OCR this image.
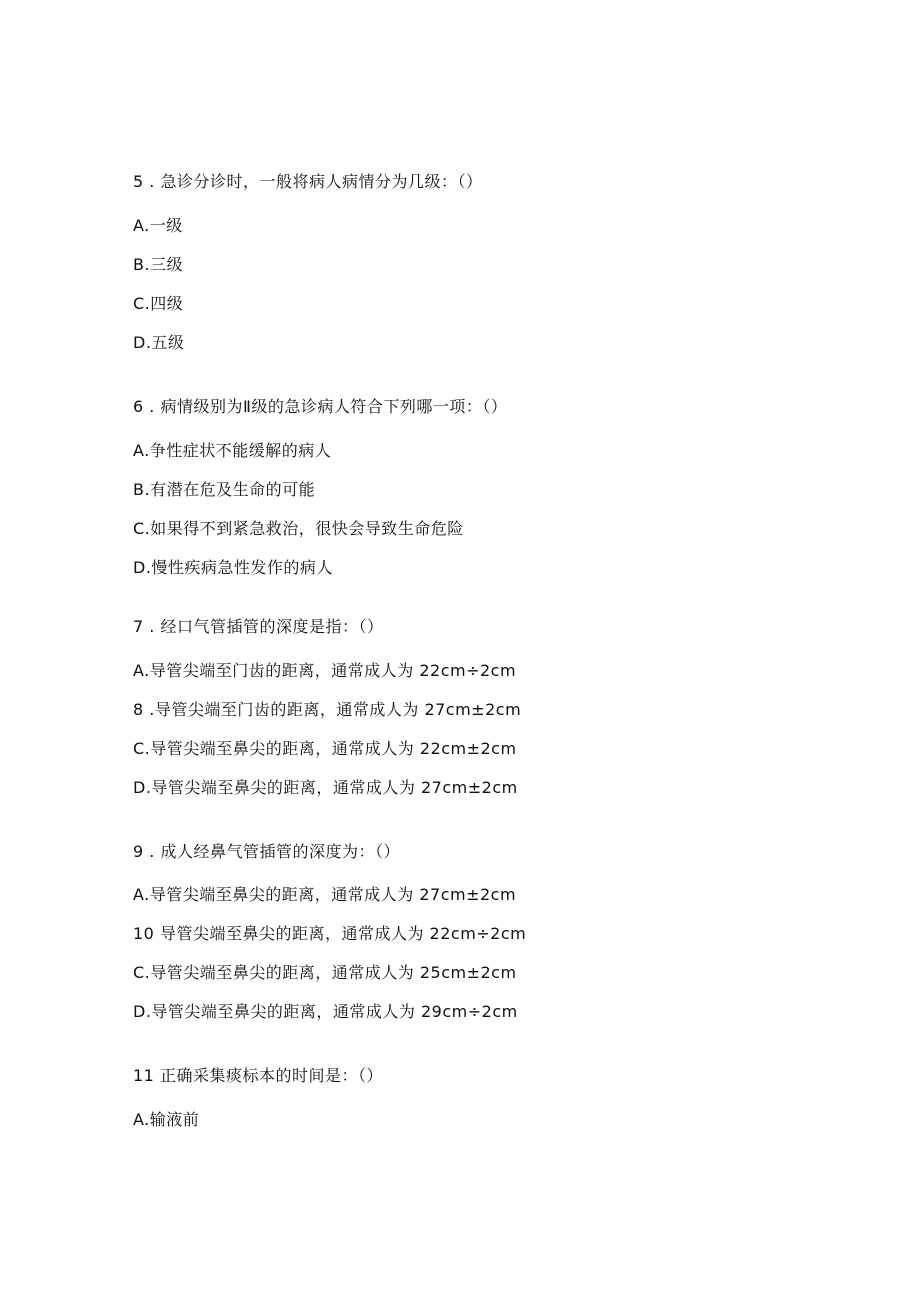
5 . 急诊分诊时，一般将病人病情分为几级：（）
A.一级
B.三级
C.四级
D.五级
6 . 病情级别为Ⅱ级的急诊病人符合下列哪一项：（）
A.争性症状不能缓解的病人
B.有潜在危及生命的可能
C.如果得不到紧急救治，很快会导致生命危险
D.慢性疾病急性发作的病人
7 . 经口气管插管的深度是指：（）
A.导管尖端至门齿的距离，通常成人为 22cm÷2cm
8 .导管尖端至门齿的距离，通常成人为 27cm±2cm
C.导管尖端至鼻尖的距离，通常成人为 22cm±2cm
D.导管尖端至鼻尖的距离，通常成人为 27cm±2cm
9 . 成人经鼻气管插管的深度为：（）
A.导管尖端至鼻尖的距离，通常成人为 27cm±2cm
10 导管尖端至鼻尖的距离，通常成人为 22cm÷2cm
C.导管尖端至鼻尖的距离，通常成人为 25cm±2cm
D.导管尖端至鼻尖的距离，通常成人为 29cm÷2cm
11 正确采集痰标本的时间是：（）
A.输液前
